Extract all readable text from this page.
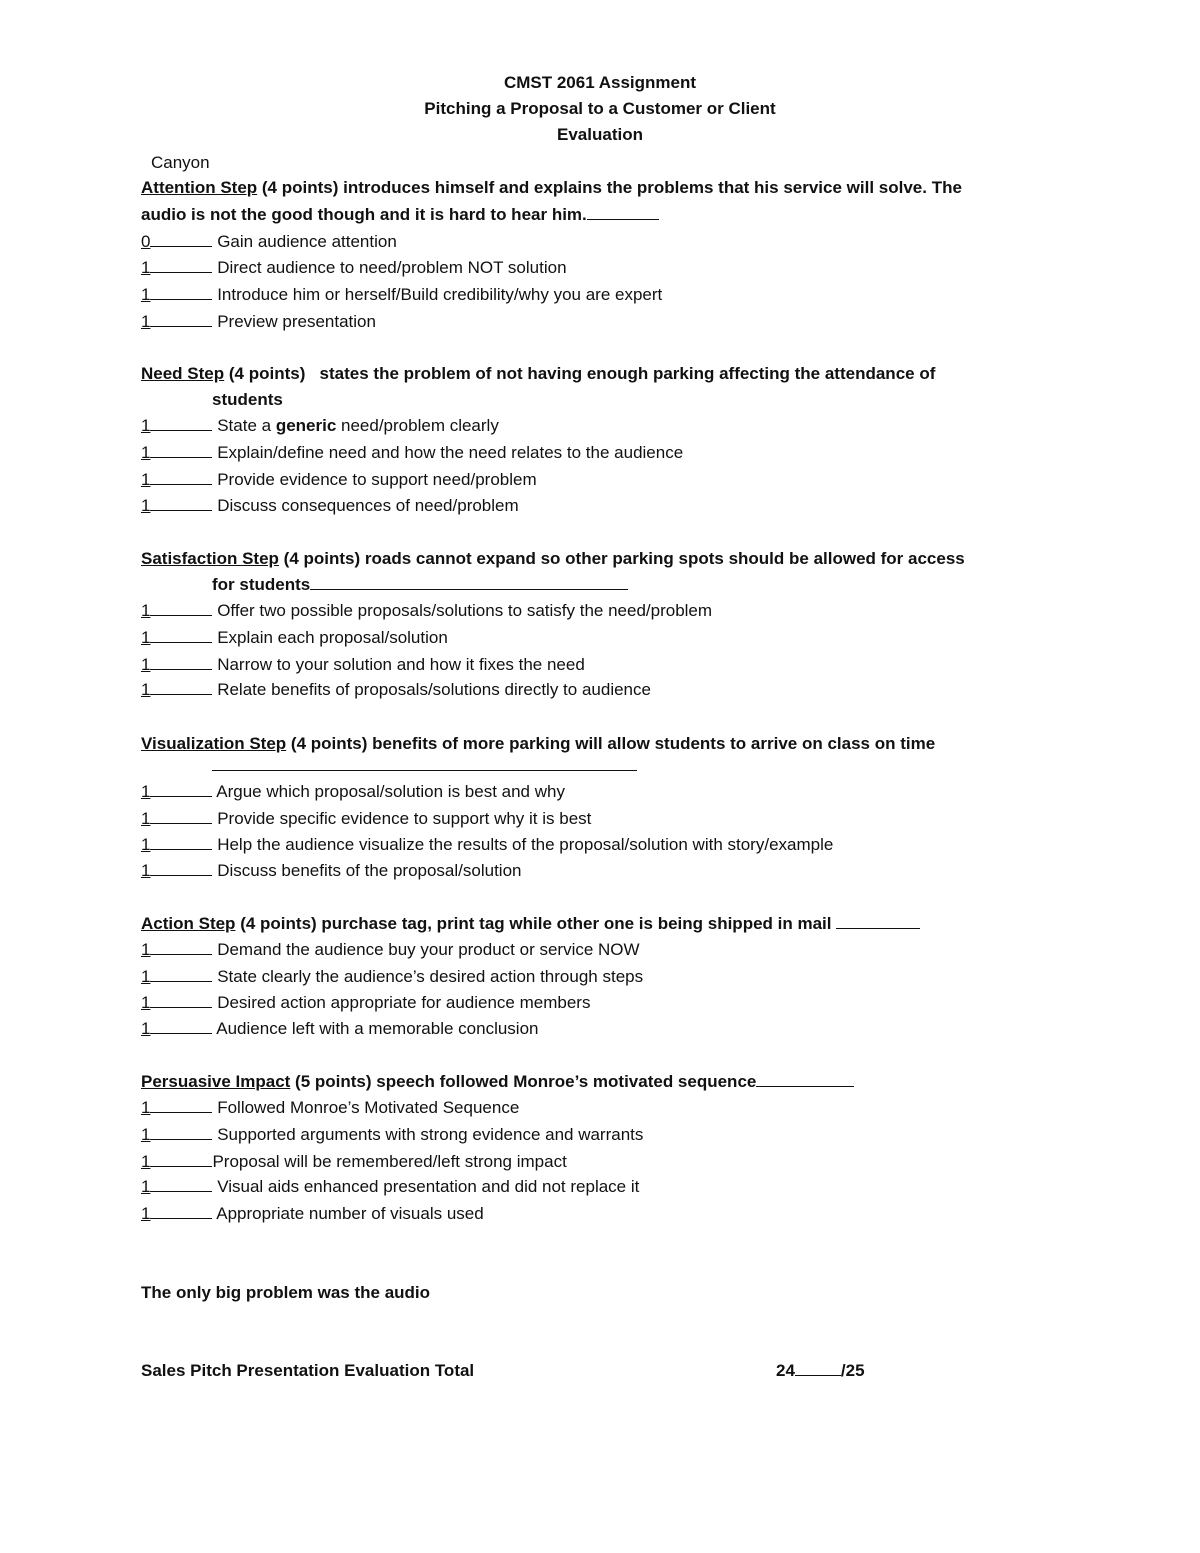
CMST 2061 Assignment
Pitching a Proposal to a Customer or Client
Evaluation
Canyon
Attention Step (4 points) introduces himself and explains the problems that his service will solve. The
audio is not the good though and it is hard to hear him.
0	Gain audience attention
1	Direct audience to need/problem NOT solution
1	Introduce him or herself/Build credibility/why you are expert
1	Preview presentation
Need Step (4 points) states the problem of not having enough parking affecting the attendance of
students
1	State a generic need/problem clearly
1	Explain/define need and how the need relates to the audience
1	Provide evidence to support need/problem
1	Discuss consequences of need/problem
Satisfaction Step (4 points) roads cannot expand so other parking spots should be allowed for access
for students
1	Offer two possible proposals/solutions to satisfy the need/problem
1	Explain each proposal/solution
1	Narrow to your solution and how it fixes the need
1	Relate benefits of proposals/solutions directly to audience
Visualization Step (4 points) benefits of more parking will allow students to arrive on class on time
1	Argue which proposal/solution is best and why
1	Provide specific evidence to support why it is best
1	Help the audience visualize the results of the proposal/solution with story/example
1	Discuss benefits of the proposal/solution
Action Step (4 points) purchase tag, print tag while other one is being shipped in mail
1	Demand the audience buy your product or service NOW
1	State clearly the audience’s desired action through steps
1	Desired action appropriate for audience members
1	Audience left with a memorable conclusion
Persuasive Impact (5 points) speech followed Monroe’s motivated sequence
1	Followed Monroe’s Motivated Sequence
1	Supported arguments with strong evidence and warrants
1	Proposal will be remembered/left strong impact
1	Visual aids enhanced presentation and did not replace it
1	Appropriate number of visuals used
The only big problem was the audio
Sales Pitch Presentation Evaluation Total	24	/25
